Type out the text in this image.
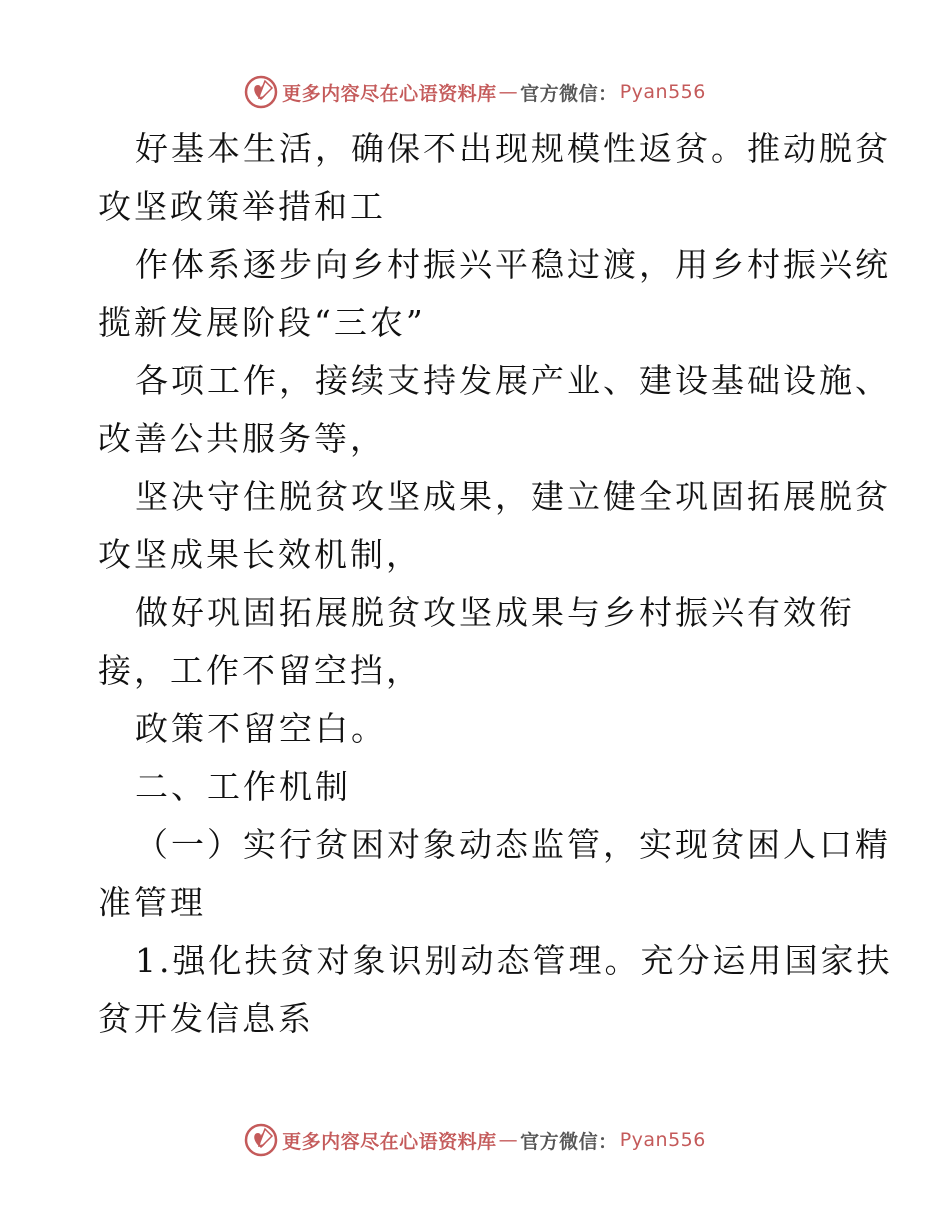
更多内容尽在心语资料库 — 官方微信 ： Pyan556

好基本生活，确保不出现规模性返贫。推动脱贫
攻坚政策举措和工

作体系逐步向乡村振兴平稳过渡，用乡村振兴统
揽新发展阶段“三农”

各项工作，接续支持发展产业、建设基础设施、
改善公共服务等，

坚决守住脱贫攻坚成果，建立健全巩固拓展脱贫
攻坚成果长效机制，

做好巩固拓展脱贫攻坚成果与乡村振兴有效衔
接，工作不留空挡，

政策不留空白。

二、工作机制

（一）实行贫困对象动态监管，实现贫困人口精
准管理

1.强化扶贫对象识别动态管理。充分运用国家扶
贫开发信息系

更多内容尽在心语资料库 — 官方微信 ： Pyan556
